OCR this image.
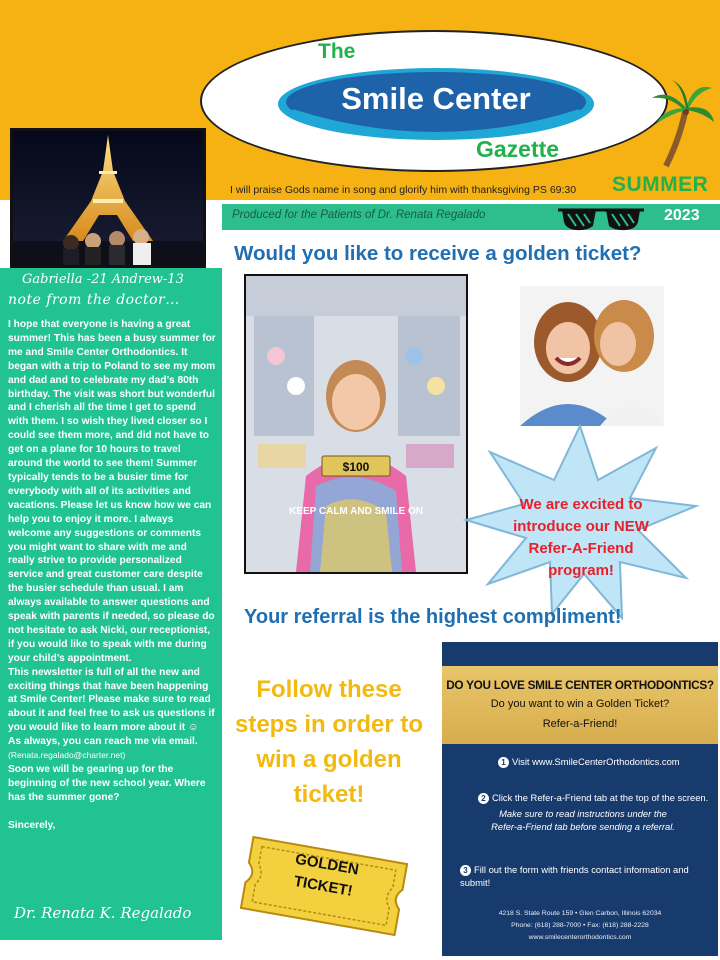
The
Smile Center
Gazette
I will praise Gods name in song and glorify him with thanksgiving PS 69:30 SUMMER
Produced for the Patients of Dr. Renata Regalado	2023
Gabriella -21 Andrew-13
note from the doctor…

I hope that everyone is having a great summer! This has been a busy summer for me and Smile Center Orthodontics. It began with a trip to Poland to see my mom and dad and to celebrate my dad’s 80th birthday. The visit was short but wonderful and I cherish all the time I get to spend with them. I so wish they lived closer so I could see them more, and did not have to get on a plane for 10 hours to travel around the world to see them! Summer typically tends to be a busier time for everybody with all of its activities and vacations. Please let us know how we can help you to enjoy it more. I always welcome any suggestions or comments you might want to share with me and really strive to provide personalized service and great customer care despite the busier schedule than usual. I am always available to answer questions and speak with parents if needed, so please do not hesitate to ask Nicki, our receptionist, if you would like to speak with me during your child’s appointment.

This newsletter is full of all the new and exciting things that have been happening at Smile Center! Please make sure to read about it and feel free to ask us questions if you would like to learn more about it ☺

As always, you can reach me via email.

(Renata.regalado@charter.net)

Soon we will be gearing up for the beginning of the new school year. Where has the summer gone?

Sincerely,

Dr. Renata K. Regalado
Would you like to receive a golden ticket?
$100
KEEP CALM AND SMILE ON	We are excited to introduce our NEW Refer-A-Friend program!
Your referral is the highest compliment!
Follow these steps in order to win a golden ticket!
GOLDEN TICKET!
DO YOU LOVE SMILE CENTER ORTHODONTICS?
Do you want to win a Golden Ticket?
Refer-a-Friend!
1 Visit www.SmileCenterOrthodontics.com
2 Click the Refer-a-Friend tab at the top of the screen.
Make sure to read instructions under the Refer-a-Friend tab before sending a referral.
3 Fill out the form with friends contact information and submit!
4218 S. State Route 159 • Glen Carbon, Illinois 62034
Phone: (618) 288-7000 • Fax: (618) 288-2228
www.smilecenterorthodontics.com
